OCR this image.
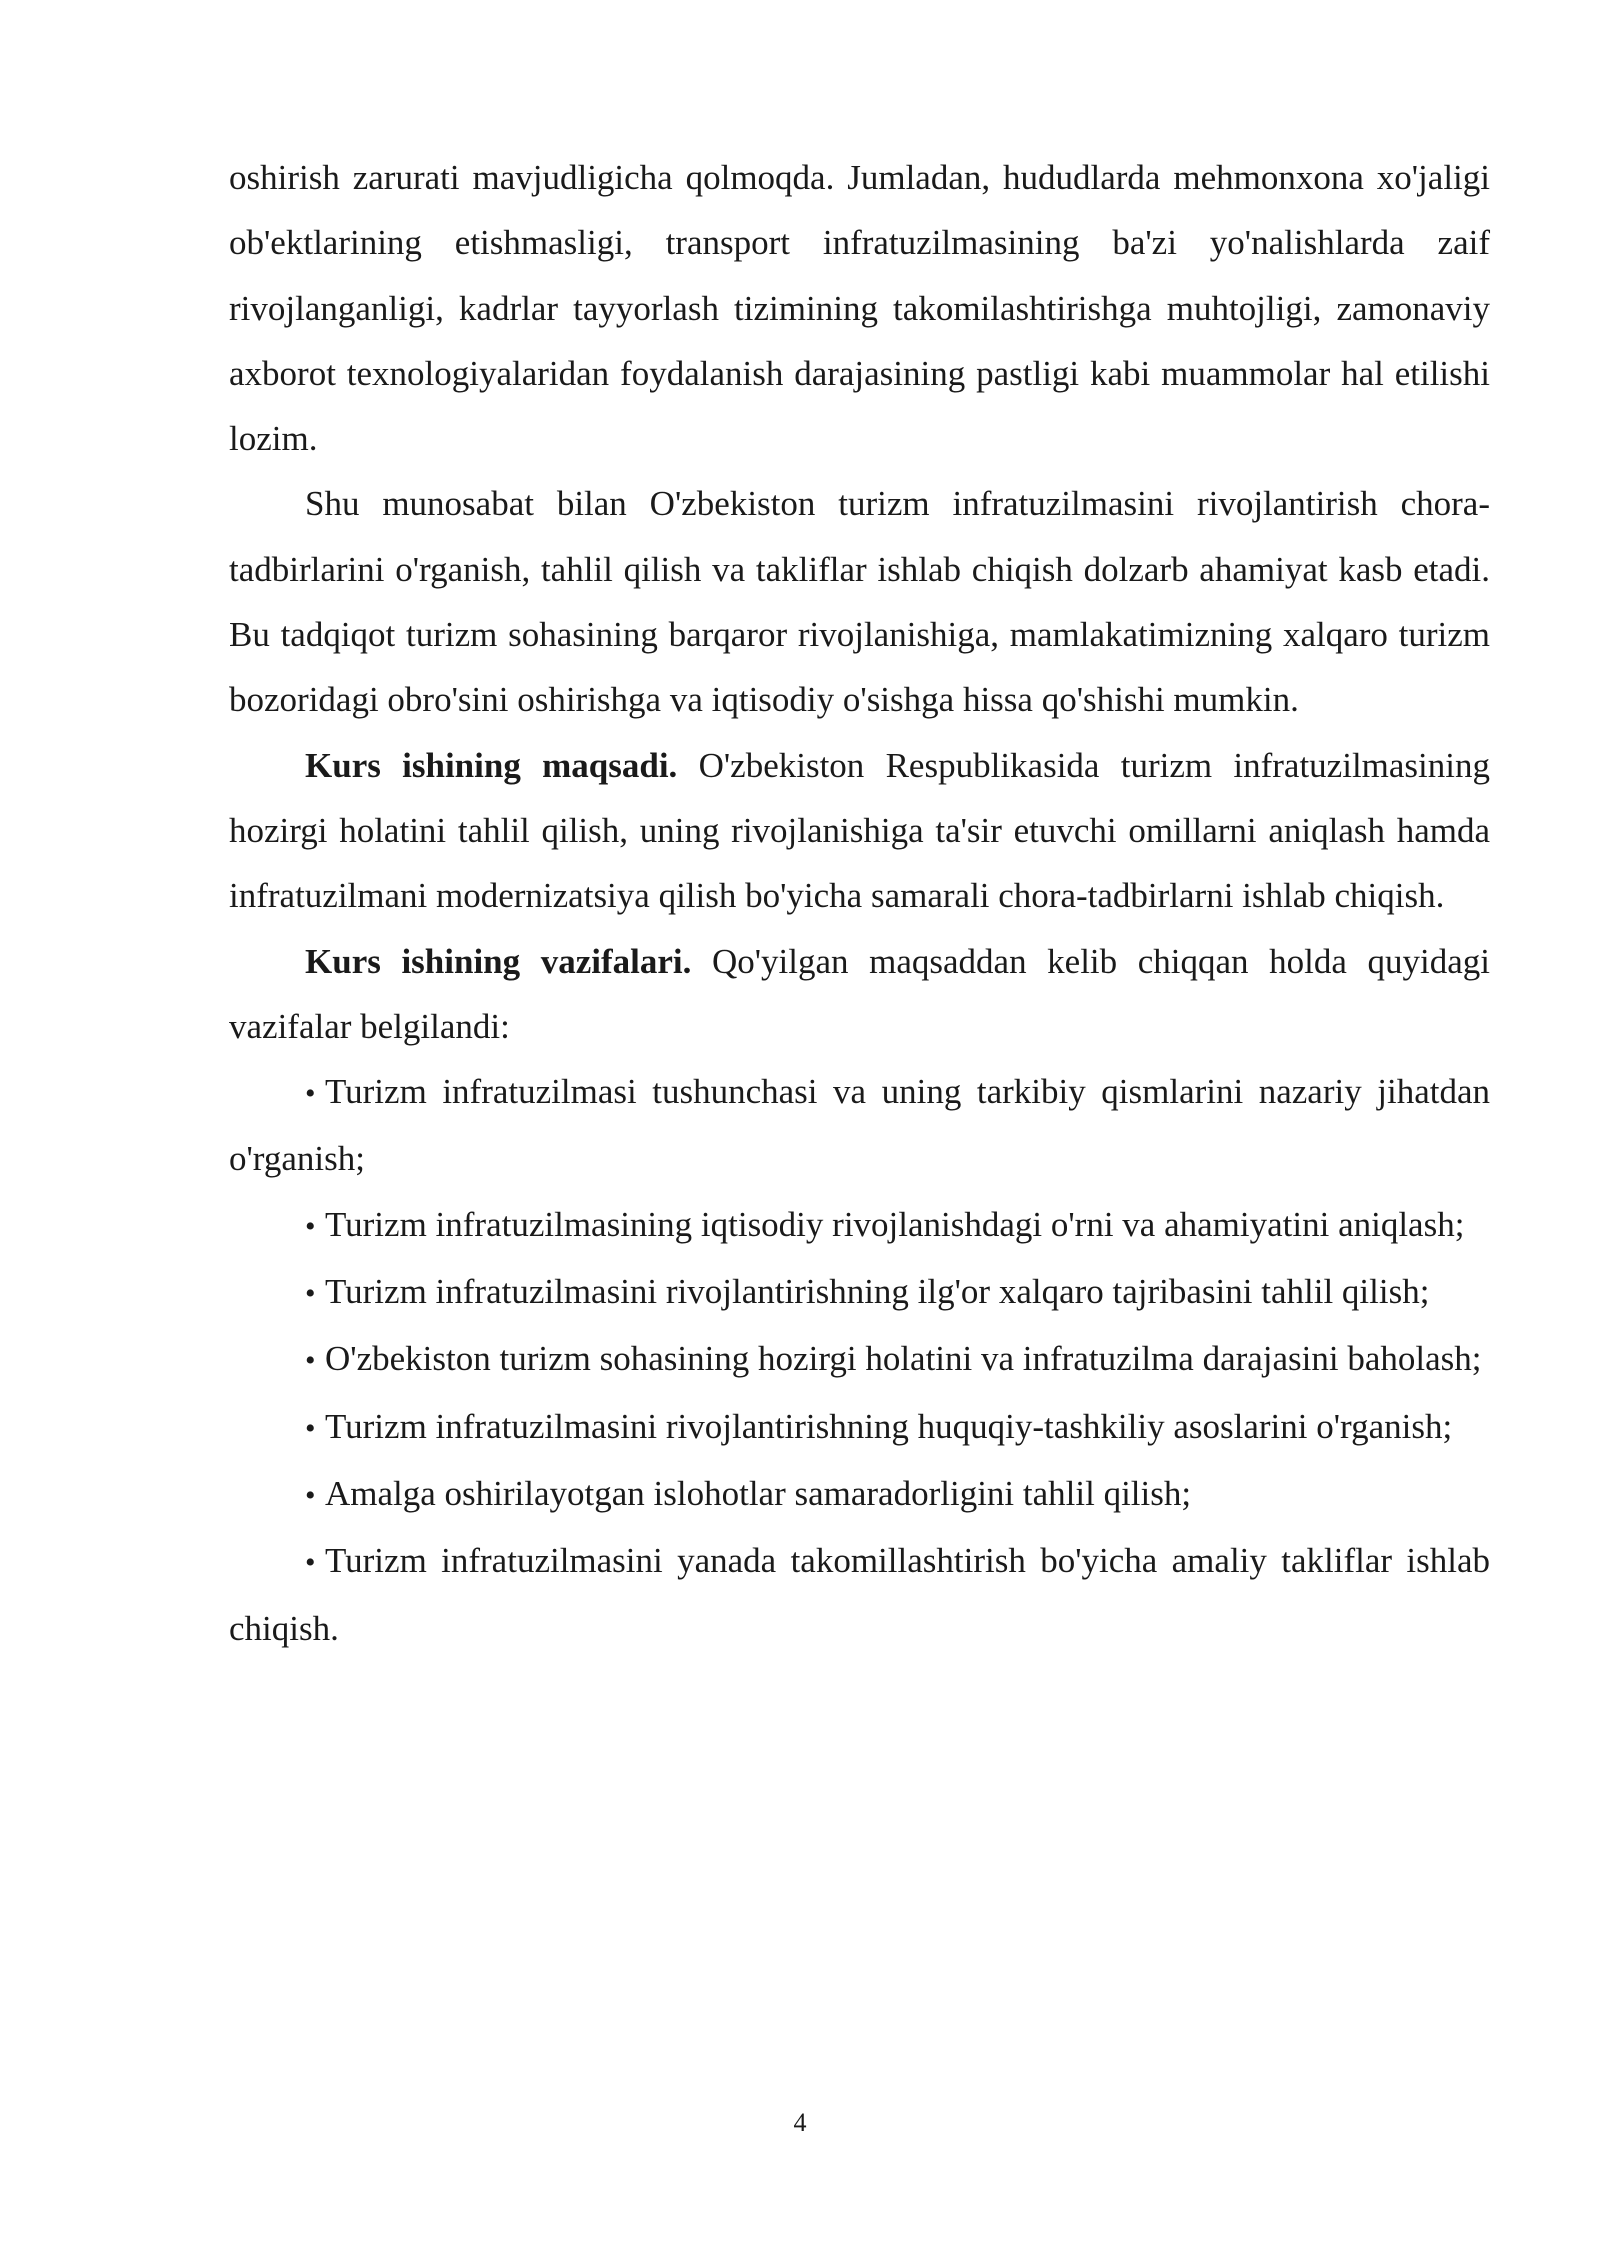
oshirish zarurati mavjudligicha qolmoqda. Jumladan, hududlarda mehmonxona xo'jaligi ob'ektlarining etishmasligi, transport infratuzilmasining ba'zi yo'nalishlarda zaif rivojlanganligi, kadrlar tayyorlash tizimining takomilashtirishga muhtojligi, zamonaviy axborot texnologiyalaridan foydalanish darajasining pastligi kabi muammolar hal etilishi lozim.

Shu munosabat bilan O'zbekiston turizm infratuzilmasini rivojlantirish chora-tadbirlarini o'rganish, tahlil qilish va takliflar ishlab chiqish dolzarb ahamiyat kasb etadi. Bu tadqiqot turizm sohasining barqaror rivojlanishiga, mamlakatimizning xalqaro turizm bozoridagi obro'sini oshirishga va iqtisodiy o'sishga hissa qo'shishi mumkin.

Kurs ishining maqsadi. O'zbekiston Respublikasida turizm infratuzilmasining hozirgi holatini tahlil qilish, uning rivojlanishiga ta'sir etuvchi omillarni aniqlash hamda infratuzilmani modernizatsiya qilish bo'yicha samarali chora-tadbirlarni ishlab chiqish.

Kurs ishining vazifalari. Qo'yilgan maqsaddan kelib chiqqan holda quyidagi vazifalar belgilandi:

• Turizm infratuzilmasi tushunchasi va uning tarkibiy qismlarini nazariy jihatdan o'rganish;

• Turizm infratuzilmasining iqtisodiy rivojlanishdagi o'rni va ahamiyatini aniqlash;

• Turizm infratuzilmasini rivojlantirishning ilg'or xalqaro tajribasini tahlil qilish;

• O'zbekiston turizm sohasining hozirgi holatini va infratuzilma darajasini baholash;

• Turizm infratuzilmasini rivojlantirishning huquqiy-tashkiliy asoslarini o'rganish;

• Amalga oshirilayotgan islohotlar samaradorligini tahlil qilish;

• Turizm infratuzilmasini yanada takomillashtirish bo'yicha amaliy takliflar ishlab chiqish.

4
